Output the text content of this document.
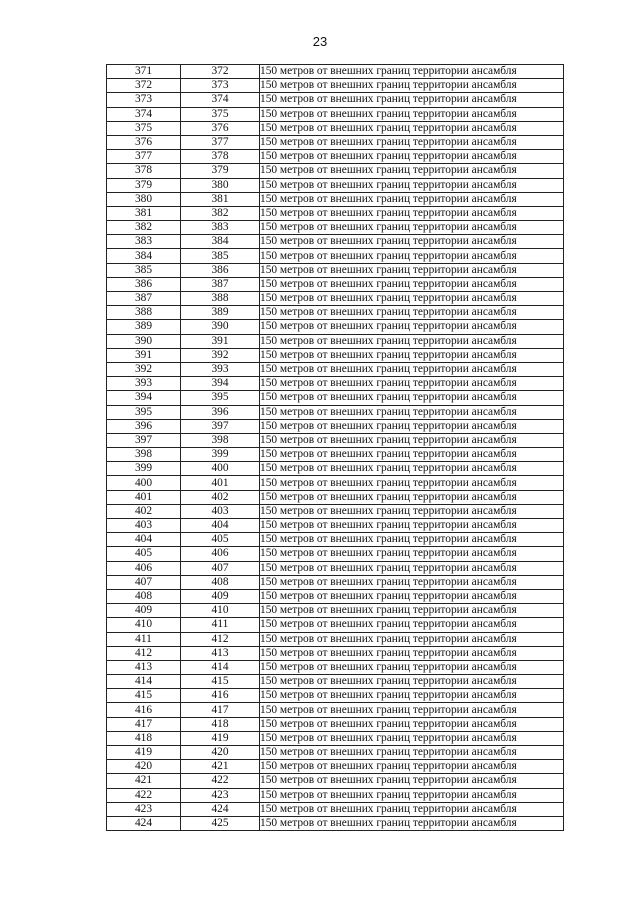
23
371	372	150 метров от внешних границ территории ансамбля
372	373	150 метров от внешних границ территории ансамбля
373	374	150 метров от внешних границ территории ансамбля
374	375	150 метров от внешних границ территории ансамбля
375	376	150 метров от внешних границ территории ансамбля
376	377	150 метров от внешних границ территории ансамбля
377	378	150 метров от внешних границ территории ансамбля
378	379	150 метров от внешних границ территории ансамбля
379	380	150 метров от внешних границ территории ансамбля
380	381	150 метров от внешних границ территории ансамбля
381	382	150 метров от внешних границ территории ансамбля
382	383	150 метров от внешних границ территории ансамбля
383	384	150 метров от внешних границ территории ансамбля
384	385	150 метров от внешних границ территории ансамбля
385	386	150 метров от внешних границ территории ансамбля
386	387	150 метров от внешних границ территории ансамбля
387	388	150 метров от внешних границ территории ансамбля
388	389	150 метров от внешних границ территории ансамбля
389	390	150 метров от внешних границ территории ансамбля
390	391	150 метров от внешних границ территории ансамбля
391	392	150 метров от внешних границ территории ансамбля
392	393	150 метров от внешних границ территории ансамбля
393	394	150 метров от внешних границ территории ансамбля
394	395	150 метров от внешних границ территории ансамбля
395	396	150 метров от внешних границ территории ансамбля
396	397	150 метров от внешних границ территории ансамбля
397	398	150 метров от внешних границ территории ансамбля
398	399	150 метров от внешних границ территории ансамбля
399	400	150 метров от внешних границ территории ансамбля
400	401	150 метров от внешних границ территории ансамбля
401	402	150 метров от внешних границ территории ансамбля
402	403	150 метров от внешних границ территории ансамбля
403	404	150 метров от внешних границ территории ансамбля
404	405	150 метров от внешних границ территории ансамбля
405	406	150 метров от внешних границ территории ансамбля
406	407	150 метров от внешних границ территории ансамбля
407	408	150 метров от внешних границ территории ансамбля
408	409	150 метров от внешних границ территории ансамбля
409	410	150 метров от внешних границ территории ансамбля
410	411	150 метров от внешних границ территории ансамбля
411	412	150 метров от внешних границ территории ансамбля
412	413	150 метров от внешних границ территории ансамбля
413	414	150 метров от внешних границ территории ансамбля
414	415	150 метров от внешних границ территории ансамбля
415	416	150 метров от внешних границ территории ансамбля
416	417	150 метров от внешних границ территории ансамбля
417	418	150 метров от внешних границ территории ансамбля
418	419	150 метров от внешних границ территории ансамбля
419	420	150 метров от внешних границ территории ансамбля
420	421	150 метров от внешних границ территории ансамбля
421	422	150 метров от внешних границ территории ансамбля
422	423	150 метров от внешних границ территории ансамбля
423	424	150 метров от внешних границ территории ансамбля
424	425	150 метров от внешних границ территории ансамбля
